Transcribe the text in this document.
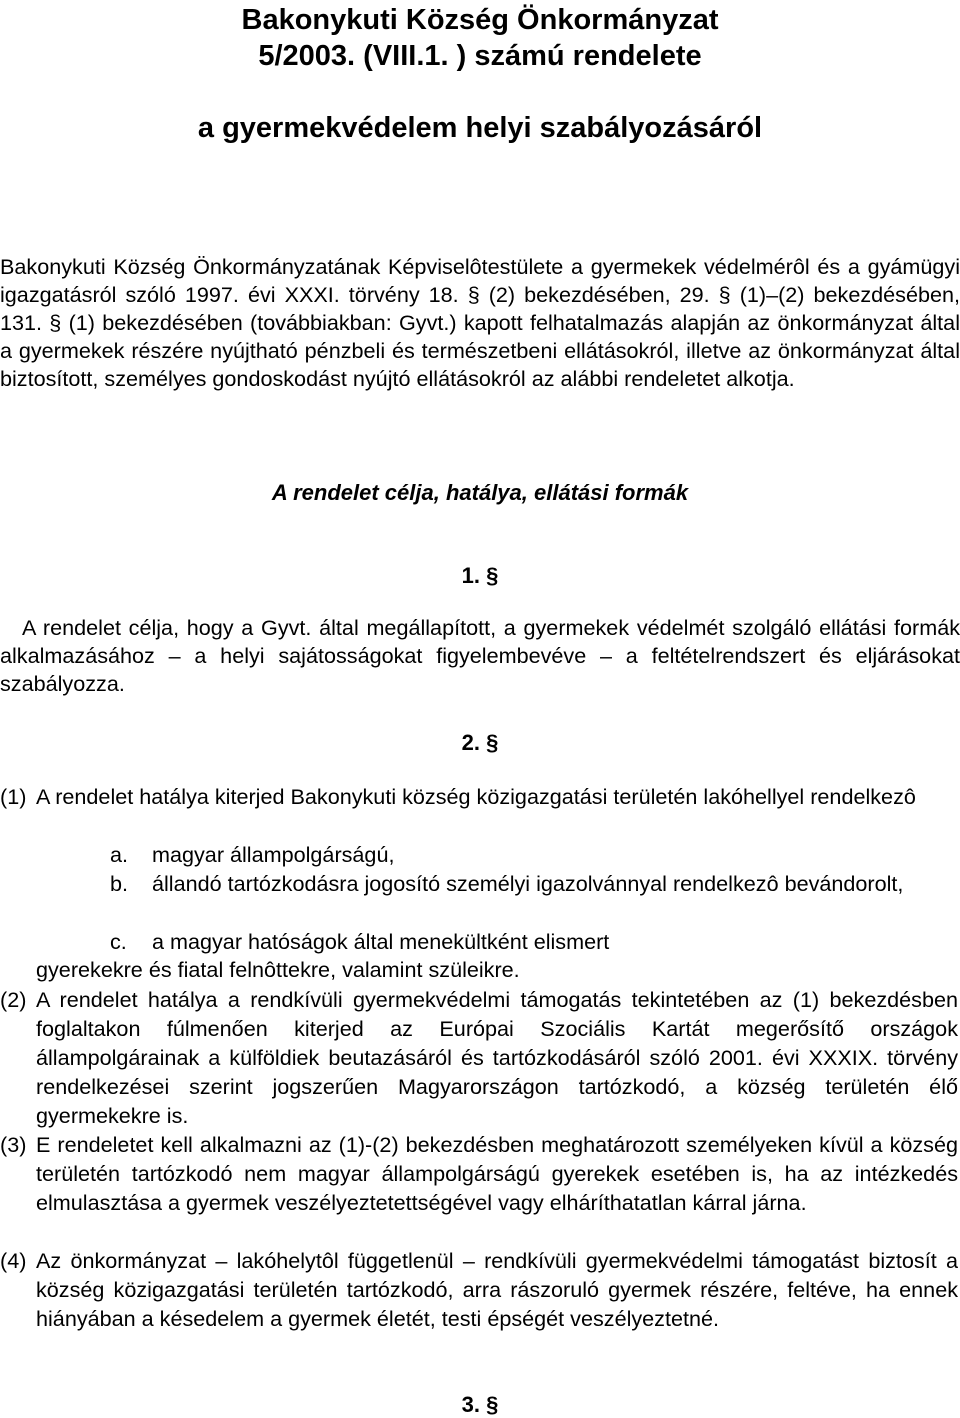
Bakonykuti Község Önkormányzat
5/2003. (VIII.1. ) számú rendelete
a gyermekvédelem helyi szabályozásáról

Bakonykuti Község Önkormányzatának Képviselôtestülete a gyermekek védelmérôl és a gyámügyi igazgatásról szóló 1997. évi XXXI. törvény 18. § (2) bekezdésében, 29. § (1)–(2) bekezdésében, 131. § (1) bekezdésében (továbbiakban: Gyvt.) kapott felhatalmazás alapján az önkormányzat által a gyermekek részére nyújtható pénzbeli és természetbeni ellátásokról, illetve az önkormányzat által biztosított, személyes gondoskodást nyújtó ellátásokról az alábbi rendeletet alkotja.

A rendelet célja, hatálya, ellátási formák
1. §

A rendelet célja, hogy a Gyvt. által megállapított, a gyermekek védelmét szolgáló ellátási formák alkalmazásához – a helyi sajátosságokat figyelembevéve – a feltételrendszert és eljárásokat szabályozza.

2. §
(1) A rendelet hatálya kiterjed Bakonykuti község közigazgatási területén lakóhellyel rendelkezô
a. magyar állampolgárságú,
b. állandó tartózkodásra jogosító személyi igazolvánnyal rendelkezô bevándorolt,
c. a magyar hatóságok által menekültként elismert
gyerekekre és fiatal felnôttekre, valamint szüleikre.
(2) A rendelet hatálya a rendkívüli gyermekvédelmi támogatás tekintetében az (1) bekezdésben foglaltakon fúlmenően kiterjed az Európai Szociális Kartát megerősítő országok állampolgárainak a külföldiek beutazásáról és tartózkodásáról szóló 2001. évi XXXIX. törvény rendelkezései szerint jogszerűen Magyarországon tartózkodó, a község területén élő gyermekekre is.
(3) E rendeletet kell alkalmazni az (1)-(2) bekezdésben meghatározott személyeken kívül a község területén tartózkodó nem magyar állampolgárságú gyerekek esetében is, ha az intézkedés elmulasztása a gyermek veszélyeztetettségével vagy elháríthatatlan kárral járna.
(4) Az önkormányzat – lakóhelytôl függetlenül – rendkívüli gyermekvédelmi támogatást biztosít a község közigazgatási területén tartózkodó, arra rászoruló gyermek részére, feltéve, ha ennek hiányában a késedelem a gyermek életét, testi épségét veszélyeztetné.
3. §
